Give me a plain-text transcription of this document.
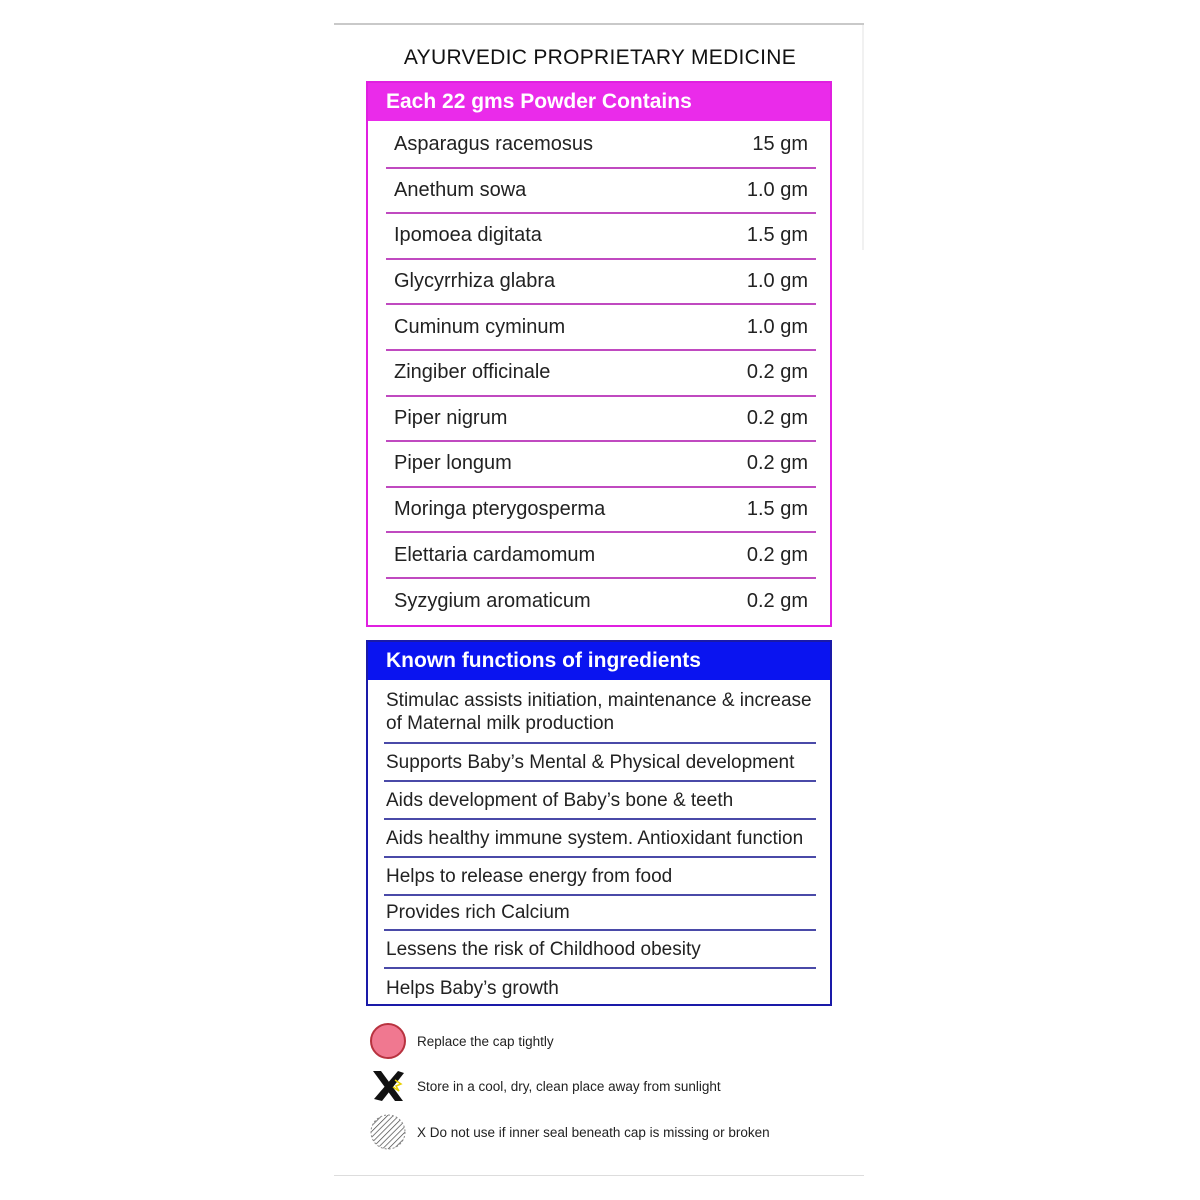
AYURVEDIC PROPRIETARY MEDICINE
Each 22 gms Powder Contains
Asparagus racemosus	15 gm
Anethum sowa	1.0 gm
Ipomoea digitata	1.5 gm
Glycyrrhiza glabra	1.0 gm
Cuminum cyminum	1.0 gm
Zingiber officinale	0.2 gm
Piper nigrum	0.2 gm
Piper longum	0.2 gm
Moringa pterygosperma	1.5 gm
Elettaria cardamomum	0.2 gm
Syzygium aromaticum	0.2 gm
Known functions of ingredients
Stimulac assists initiation, maintenance & increase of Maternal milk production
Supports Baby’s Mental & Physical development
Aids development of Baby’s bone & teeth
Aids healthy immune system. Antioxidant function
Helps to release energy from food
Provides rich Calcium
Lessens the risk of Childhood obesity
Helps Baby’s growth
Replace the cap tightly
Store in a cool, dry, clean place away from sunlight
X Do not use if inner seal beneath cap is missing or broken
